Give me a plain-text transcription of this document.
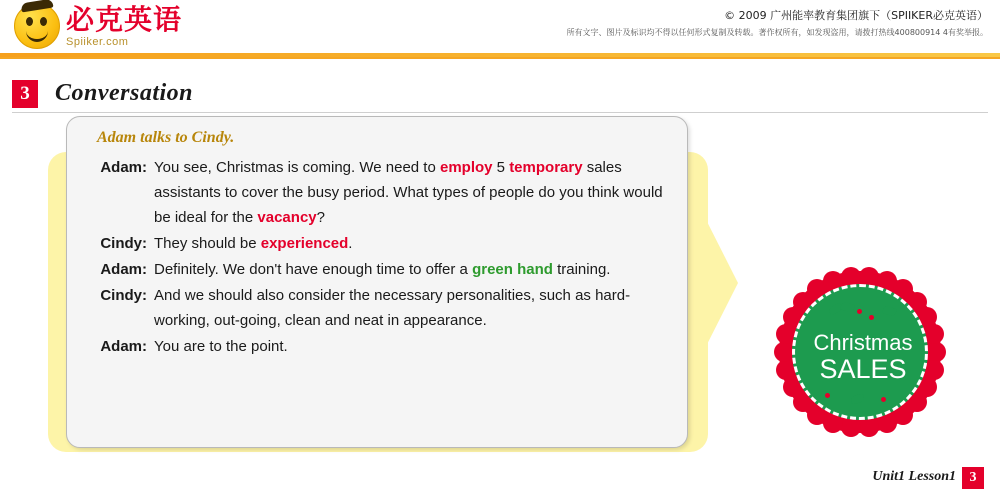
必克英语
Spiiker.com
© 2009 广州能率教育集团旗下（SPIIKER必克英语）
所有文字、图片及标识均不得以任何形式复制及转载。著作权所有，如发现盗用，请拨打热线400800914 4有奖举报。
3	Conversation
Adam talks to Cindy.
Adam: You see, Christmas is coming. We need to employ 5 temporary sales assistants to cover the busy period. What types of people do you think would be ideal for the vacancy?
Cindy: They should be experienced.
Adam: Definitely. We don't have enough time to offer a green hand training.
Cindy: And we should also consider the necessary personalities, such as hard-working, out-going, clean and neat in appearance.
Adam: You are to the point.	Christmas
SALES
Unit1 Lesson1 3
